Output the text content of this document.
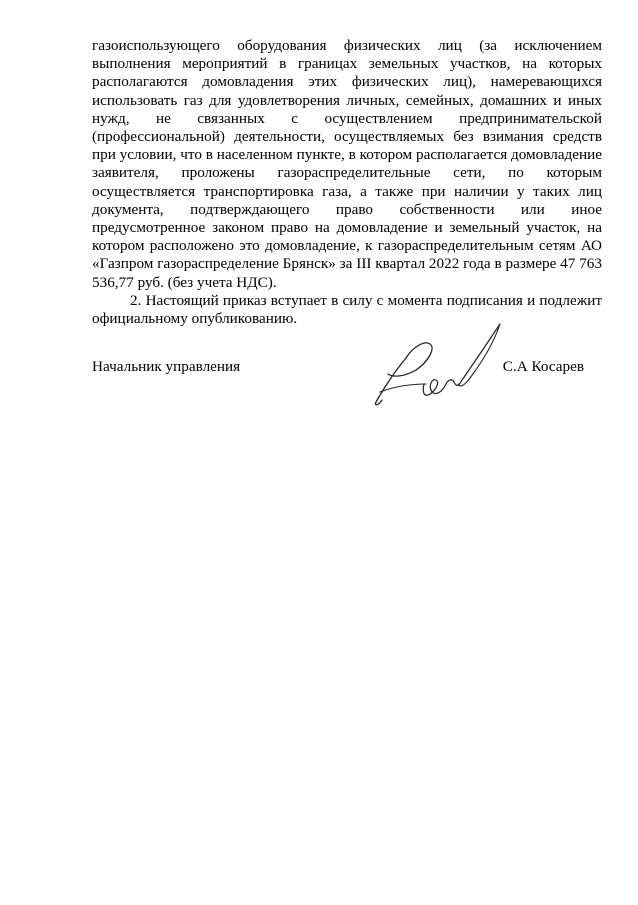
газоиспользующего оборудования физических лиц (за исключением выполнения мероприятий в границах земельных участков, на которых располагаются домовладения этих физических лиц), намеревающихся использовать газ для удовлетворения личных, семейных, домашних и иных нужд, не связанных с осуществлением предпринимательской (профессиональной) деятельности, осуществляемых без взимания средств при условии, что в населенном пункте, в котором располагается домовладение заявителя, проложены газораспределительные сети, по которым осуществляется транспортировка газа, а также при наличии у таких лиц документа, подтверждающего право собственности или иное предусмотренное законом право на домовладение и земельный участок, на котором расположено это домовладение, к газораспределительным сетям АО «Газпром газораспределение Брянск» за III квартал 2022 года в размере 47 763 536,77 руб. (без учета НДС).

2. Настоящий приказ вступает в силу с момента подписания и подлежит официальному опубликованию.

Начальник управления	С.А Косарев
